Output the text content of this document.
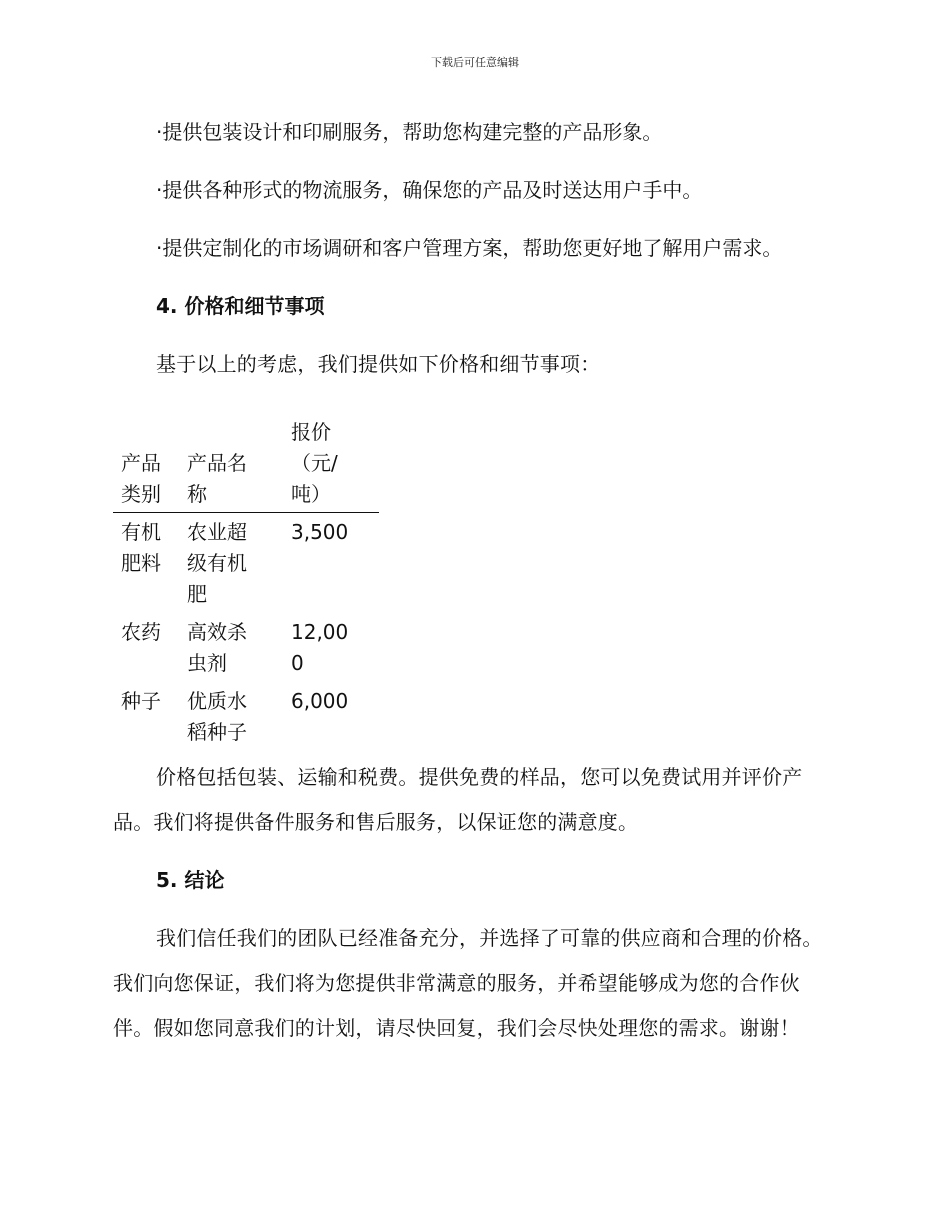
下载后可任意编辑

·提供包装设计和印刷服务，帮助您构建完整的产品形象。

·提供各种形式的物流服务，确保您的产品及时送达用户手中。

·提供定制化的市场调研和客户管理方案，帮助您更好地了解用户需求。

4. 价格和细节事项

基于以上的考虑，我们提供如下价格和细节事项：

产品类别	产品名称	报价（元/吨）

有机肥料	农业超级有机肥	3,500

农药	高效杀虫剂	12,000

种子	优质水稻种子	6,000

价格包括包装、运输和税费。提供免费的样品，您可以免费试用并评价产品。我们将提供备件服务和售后服务，以保证您的满意度。

5. 结论

我们信任我们的团队已经准备充分，并选择了可靠的供应商和合理的价格。我们向您保证，我们将为您提供非常满意的服务，并希望能够成为您的合作伙伴。假如您同意我们的计划，请尽快回复，我们会尽快处理您的需求。谢谢！
